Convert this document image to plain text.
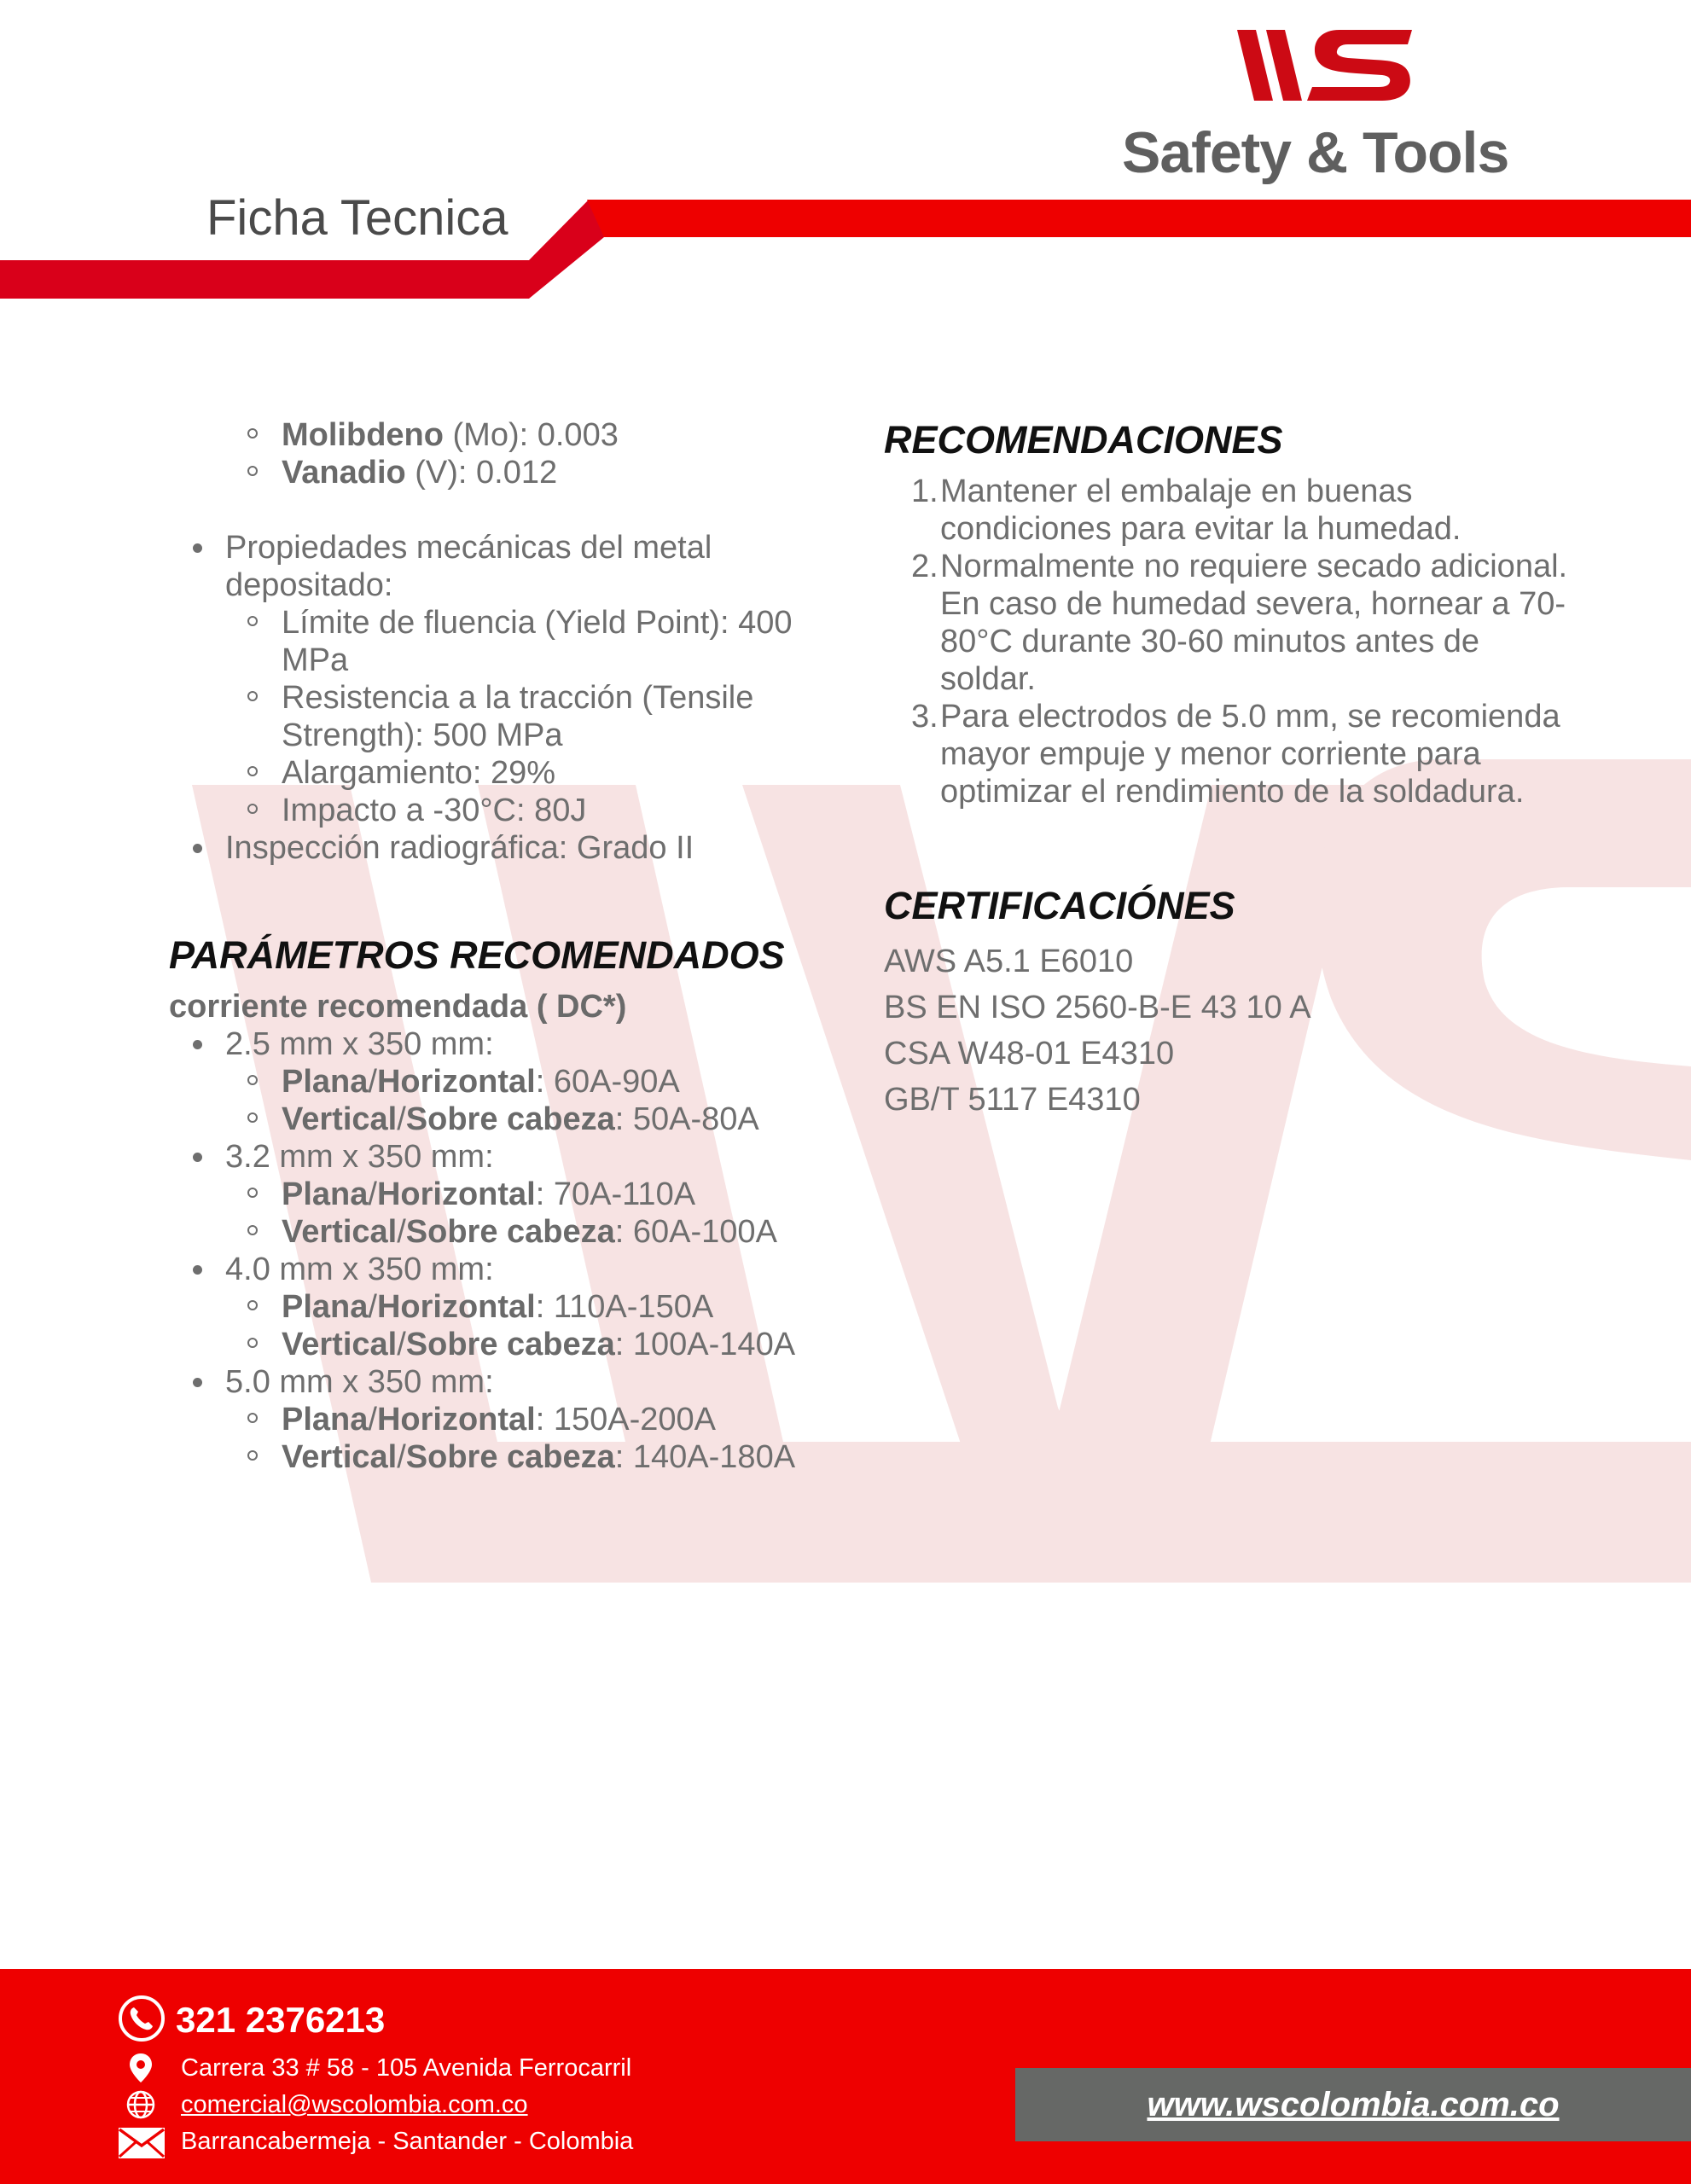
WS
Safety & Tools
Ficha Tecnica
Molibdeno (Mo): 0.003
Vanadio (V): 0.012
Propiedades mecánicas del metal depositado:
Límite de fluencia (Yield Point): 400 MPa
Resistencia a la tracción (Tensile Strength): 500 MPa
Alargamiento: 29%
Impacto a -30°C: 80J
Inspección radiográfica: Grado II
PARÁMETROS RECOMENDADOS
corriente recomendada ( DC*)
2.5 mm x 350 mm:
Plana/Horizontal: 60A-90A
Vertical/Sobre cabeza: 50A-80A
3.2 mm x 350 mm:
Plana/Horizontal: 70A-110A
Vertical/Sobre cabeza: 60A-100A
4.0 mm x 350 mm:
Plana/Horizontal: 110A-150A
Vertical/Sobre cabeza: 100A-140A
5.0 mm x 350 mm:
Plana/Horizontal: 150A-200A
Vertical/Sobre cabeza: 140A-180A
RECOMENDACIONES
1. Mantener el embalaje en buenas condiciones para evitar la humedad.
2. Normalmente no requiere secado adicional. En caso de humedad severa, hornear a 70-80°C durante 30-60 minutos antes de soldar.
3. Para electrodos de 5.0 mm, se recomienda mayor empuje y menor corriente para optimizar el rendimiento de la soldadura.
CERTIFICACIÓNES
AWS A5.1 E6010
BS EN ISO 2560-B-E 43 10 A
CSA W48-01 E4310
GB/T 5117 E4310
321 2376213
Carrera 33 # 58 - 105 Avenida Ferrocarril
comercial@wscolombia.com.co
Barrancabermeja - Santander - Colombia
www.wscolombia.com.co
